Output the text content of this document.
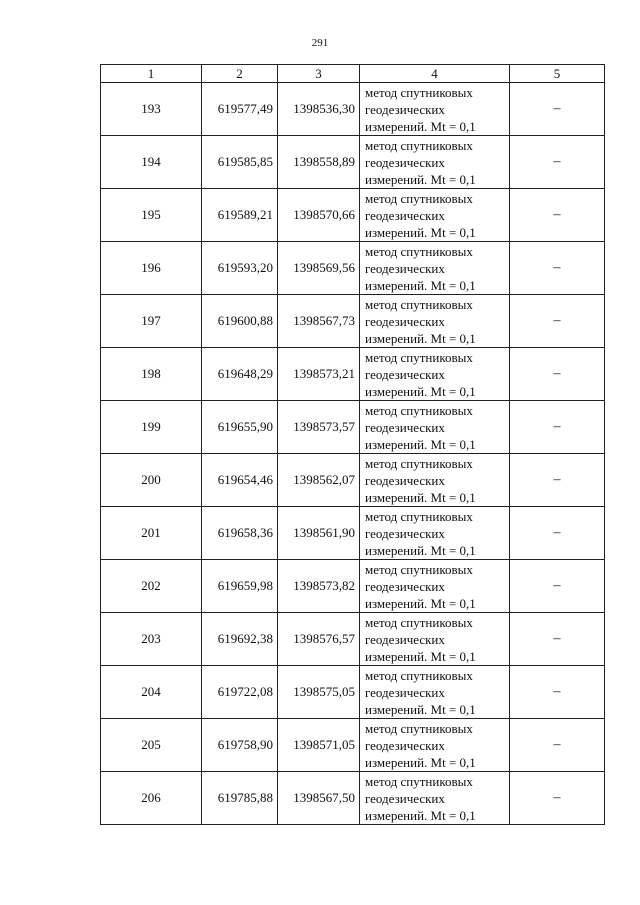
291
1	2	3	4	5
193	619577,49	1398536,30	метод спутниковых
геодезических
измерений. Mt = 0,1	–
194	619585,85	1398558,89	метод спутниковых
геодезических
измерений. Mt = 0,1	–
195	619589,21	1398570,66	метод спутниковых
геодезических
измерений. Mt = 0,1	–
196	619593,20	1398569,56	метод спутниковых
геодезических
измерений. Mt = 0,1	–
197	619600,88	1398567,73	метод спутниковых
геодезических
измерений. Mt = 0,1	–
198	619648,29	1398573,21	метод спутниковых
геодезических
измерений. Mt = 0,1	–
199	619655,90	1398573,57	метод спутниковых
геодезических
измерений. Mt = 0,1	–
200	619654,46	1398562,07	метод спутниковых
геодезических
измерений. Mt = 0,1	–
201	619658,36	1398561,90	метод спутниковых
геодезических
измерений. Mt = 0,1	–
202	619659,98	1398573,82	метод спутниковых
геодезических
измерений. Mt = 0,1	–
203	619692,38	1398576,57	метод спутниковых
геодезических
измерений. Mt = 0,1	–
204	619722,08	1398575,05	метод спутниковых
геодезических
измерений. Mt = 0,1	–
205	619758,90	1398571,05	метод спутниковых
геодезических
измерений. Mt = 0,1	–
206	619785,88	1398567,50	метод спутниковых
геодезических
измерений. Mt = 0,1	–
